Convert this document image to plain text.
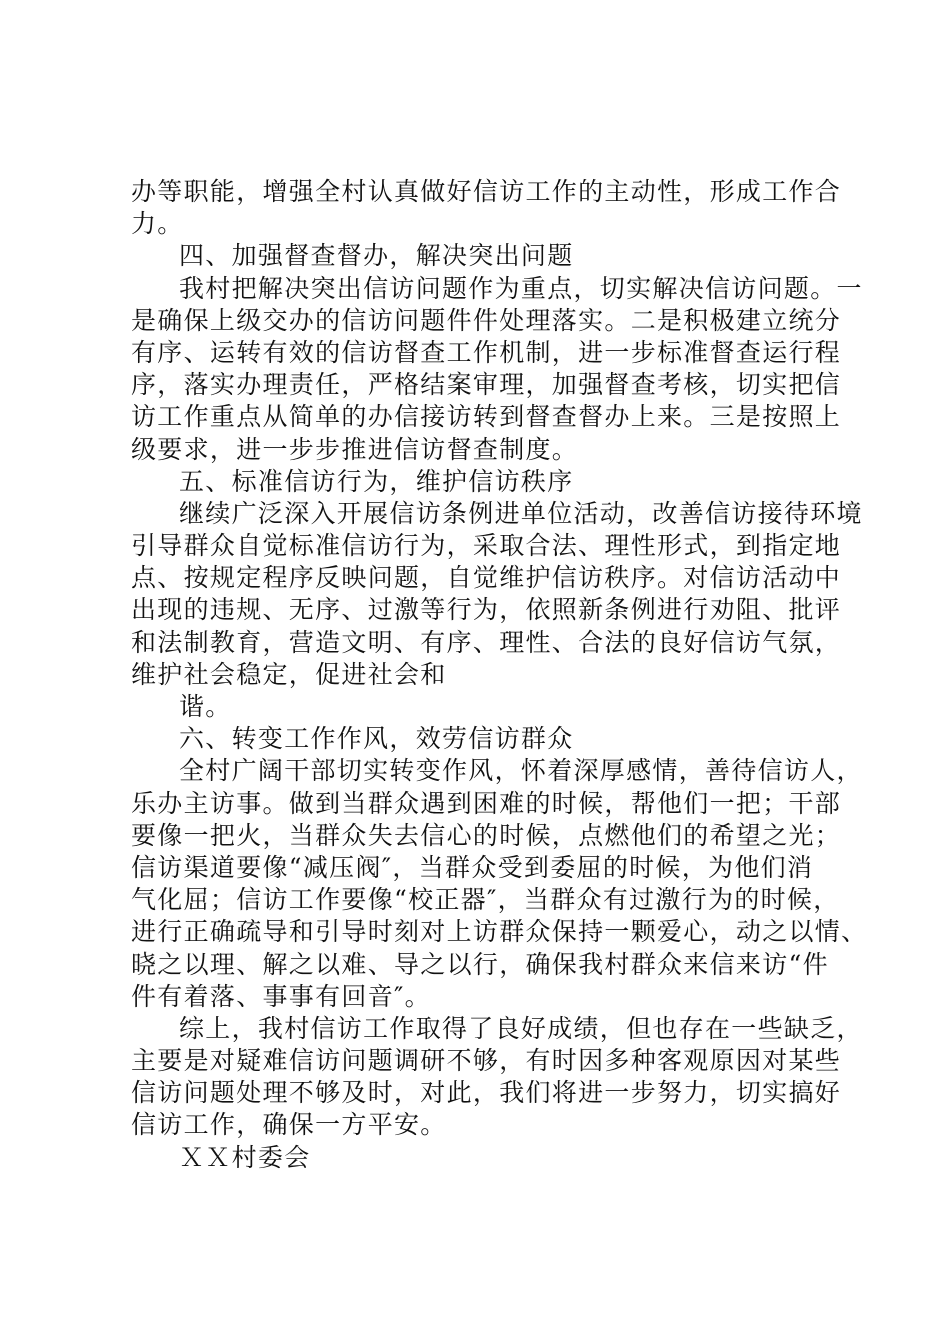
办等职能，增强全村认真做好信访工作的主动性，形成工作合
力。
四、加强督查督办，解决突出问题
我村把解决突出信访问题作为重点，切实解决信访问题。一
是确保上级交办的信访问题件件处理落实。二是积极建立统分
有序、运转有效的信访督查工作机制，进一步标准督查运行程
序，落实办理责任，严格结案审理，加强督查考核，切实把信
访工作重点从简单的办信接访转到督查督办上来。三是按照上
级要求，进一步步推进信访督查制度。
五、标准信访行为，维护信访秩序
继续广泛深入开展信访条例进单位活动，改善信访接待环境
引导群众自觉标准信访行为，采取合法、理性形式，到指定地
点、按规定程序反映问题，自觉维护信访秩序。对信访活动中
出现的违规、无序、过激等行为，依照新条例进行劝阻、批评
和法制教育，营造文明、有序、理性、合法的良好信访气氛，
维护社会稳定，促进社会和
谐。
六、转变工作作风，效劳信访群众
全村广阔干部切实转变作风，怀着深厚感情，善待信访人，
乐办主访事。做到当群众遇到困难的时候，帮他们一把；干部
要像一把火，当群众失去信心的时候，点燃他们的希望之光；
信访渠道要像“减压阀″，当群众受到委屈的时候，为他们消
气化屈；信访工作要像“校正器″，当群众有过激行为的时候，
进行正确疏导和引导时刻对上访群众保持一颗爱心，动之以情、
晓之以理、解之以难、导之以行，确保我村群众来信来访“件
件有着落、事事有回音″。
综上，我村信访工作取得了良好成绩，但也存在一些缺乏，
主要是对疑难信访问题调研不够，有时因多种客观原因对某些
信访问题处理不够及时，对此，我们将进一步努力，切实搞好
信访工作，确保一方平安。
ＸＸ村委会
